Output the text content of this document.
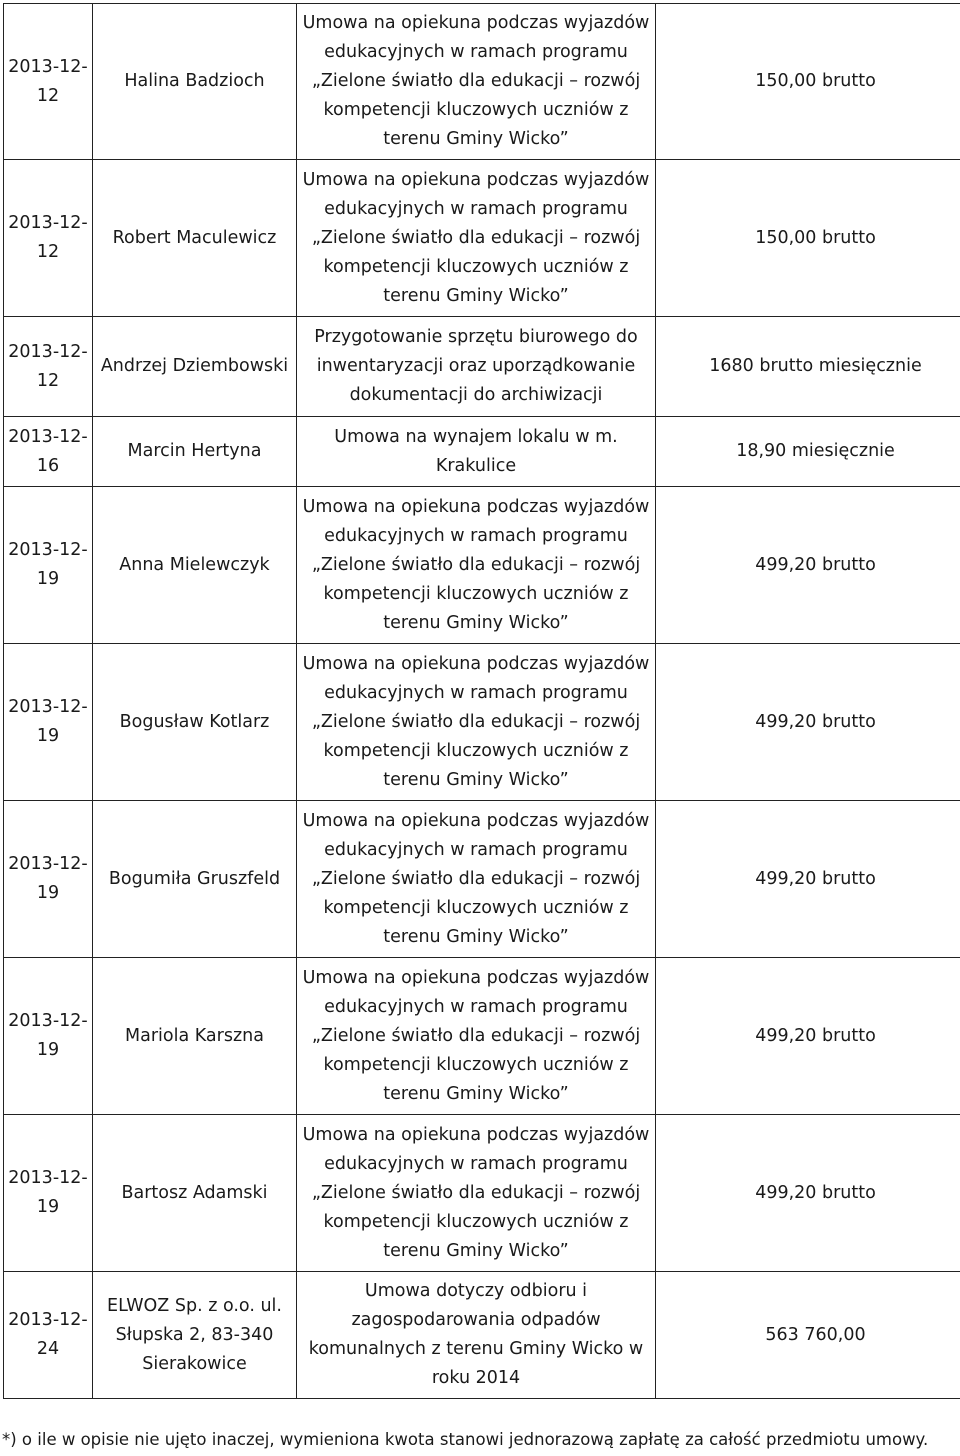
2013-12-12	Halina Badzioch	Umowa na opiekuna podczas wyjazdów
edukacyjnych w ramach programu
„Zielone światło dla edukacji – rozwój
kompetencji kluczowych uczniów z
terenu Gminy Wicko”	150,00 brutto
2013-12-12	Robert Maculewicz	Umowa na opiekuna podczas wyjazdów
edukacyjnych w ramach programu
„Zielone światło dla edukacji – rozwój
kompetencji kluczowych uczniów z
terenu Gminy Wicko”	150,00 brutto
2013-12-12	Andrzej Dziembowski	Przygotowanie sprzętu biurowego do
inwentaryzacji oraz uporządkowanie
dokumentacji do archiwizacji	1680 brutto miesięcznie
2013-12-16	Marcin Hertyna	Umowa na wynajem lokalu w m.
Krakulice	18,90 miesięcznie
2013-12-19	Anna Mielewczyk	Umowa na opiekuna podczas wyjazdów
edukacyjnych w ramach programu
„Zielone światło dla edukacji – rozwój
kompetencji kluczowych uczniów z
terenu Gminy Wicko”	499,20 brutto
2013-12-19	Bogusław Kotlarz	Umowa na opiekuna podczas wyjazdów
edukacyjnych w ramach programu
„Zielone światło dla edukacji – rozwój
kompetencji kluczowych uczniów z
terenu Gminy Wicko”	499,20 brutto
2013-12-19	Bogumiła Gruszfeld	Umowa na opiekuna podczas wyjazdów
edukacyjnych w ramach programu
„Zielone światło dla edukacji – rozwój
kompetencji kluczowych uczniów z
terenu Gminy Wicko”	499,20 brutto
2013-12-19	Mariola Karszna	Umowa na opiekuna podczas wyjazdów
edukacyjnych w ramach programu
„Zielone światło dla edukacji – rozwój
kompetencji kluczowych uczniów z
terenu Gminy Wicko”	499,20 brutto
2013-12-19	Bartosz Adamski	Umowa na opiekuna podczas wyjazdów
edukacyjnych w ramach programu
„Zielone światło dla edukacji – rozwój
kompetencji kluczowych uczniów z
terenu Gminy Wicko”	499,20 brutto
2013-12-24	ELWOZ Sp. z o.o. ul. Słupska 2, 83-340 Sierakowice	Umowa dotyczy odbioru i
zagospodarowania odpadów
komunalnych z terenu Gminy Wicko w
roku 2014	563 760,00
*) o ile w opisie nie ujęto inaczej, wymieniona kwota stanowi jednorazową zapłatę za całość przedmiotu umowy.
